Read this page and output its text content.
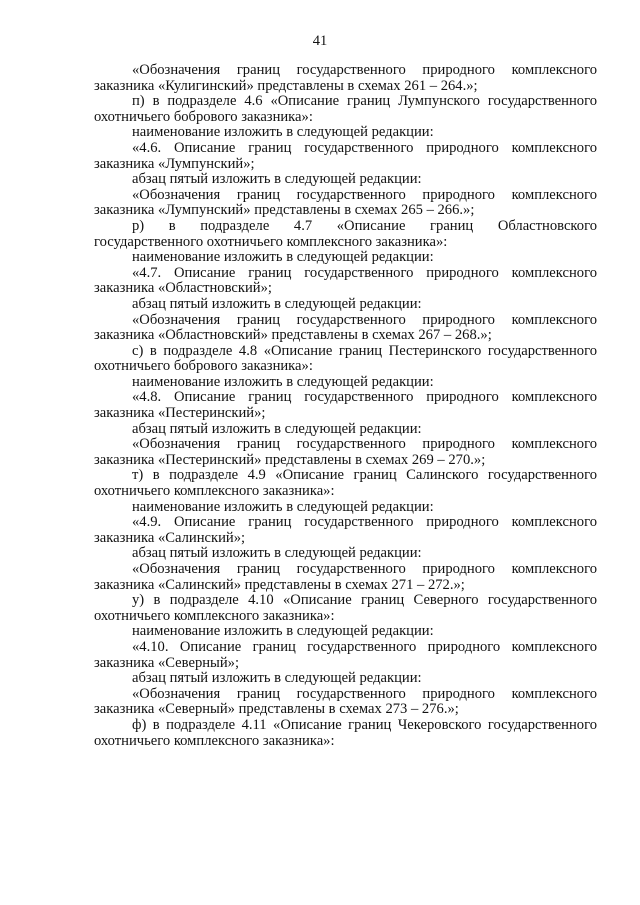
41
«Обозначения границ государственного природного комплексного
заказника «Кулигинский» представлены в схемах 261 – 264.»;
п) в подразделе 4.6 «Описание границ Лумпунского государственного
охотничьего бобрового заказника»:
наименование изложить в следующей редакции:
«4.6. Описание границ государственного природного комплексного
заказника «Лумпунский»;
абзац пятый изложить в следующей редакции:
«Обозначения границ государственного природного комплексного
заказника «Лумпунский» представлены в схемах 265 – 266.»;
р) в подразделе 4.7 «Описание границ Областновского
государственного охотничьего комплексного заказника»:
наименование изложить в следующей редакции:
«4.7. Описание границ государственного природного комплексного
заказника «Областновский»;
абзац пятый изложить в следующей редакции:
«Обозначения границ государственного природного комплексного
заказника «Областновский» представлены в схемах 267 – 268.»;
с) в подразделе 4.8 «Описание границ Пестеринского государственного
охотничьего бобрового заказника»:
наименование изложить в следующей редакции:
«4.8. Описание границ государственного природного комплексного
заказника «Пестеринский»;
абзац пятый изложить в следующей редакции:
«Обозначения границ государственного природного комплексного
заказника «Пестеринский» представлены в схемах 269 – 270.»;
т) в подразделе 4.9 «Описание границ Салинского государственного
охотничьего комплексного заказника»:
наименование изложить в следующей редакции:
«4.9. Описание границ государственного природного комплексного
заказника «Салинский»;
абзац пятый изложить в следующей редакции:
«Обозначения границ государственного природного комплексного
заказника «Салинский» представлены в схемах 271 – 272.»;
у) в подразделе 4.10 «Описание границ Северного государственного
охотничьего комплексного заказника»:
наименование изложить в следующей редакции:
«4.10. Описание границ государственного природного комплексного
заказника «Северный»;
абзац пятый изложить в следующей редакции:
«Обозначения границ государственного природного комплексного
заказника «Северный» представлены в схемах 273 – 276.»;
ф) в подразделе 4.11 «Описание границ Чекеровского государственного
охотничьего комплексного заказника»:
